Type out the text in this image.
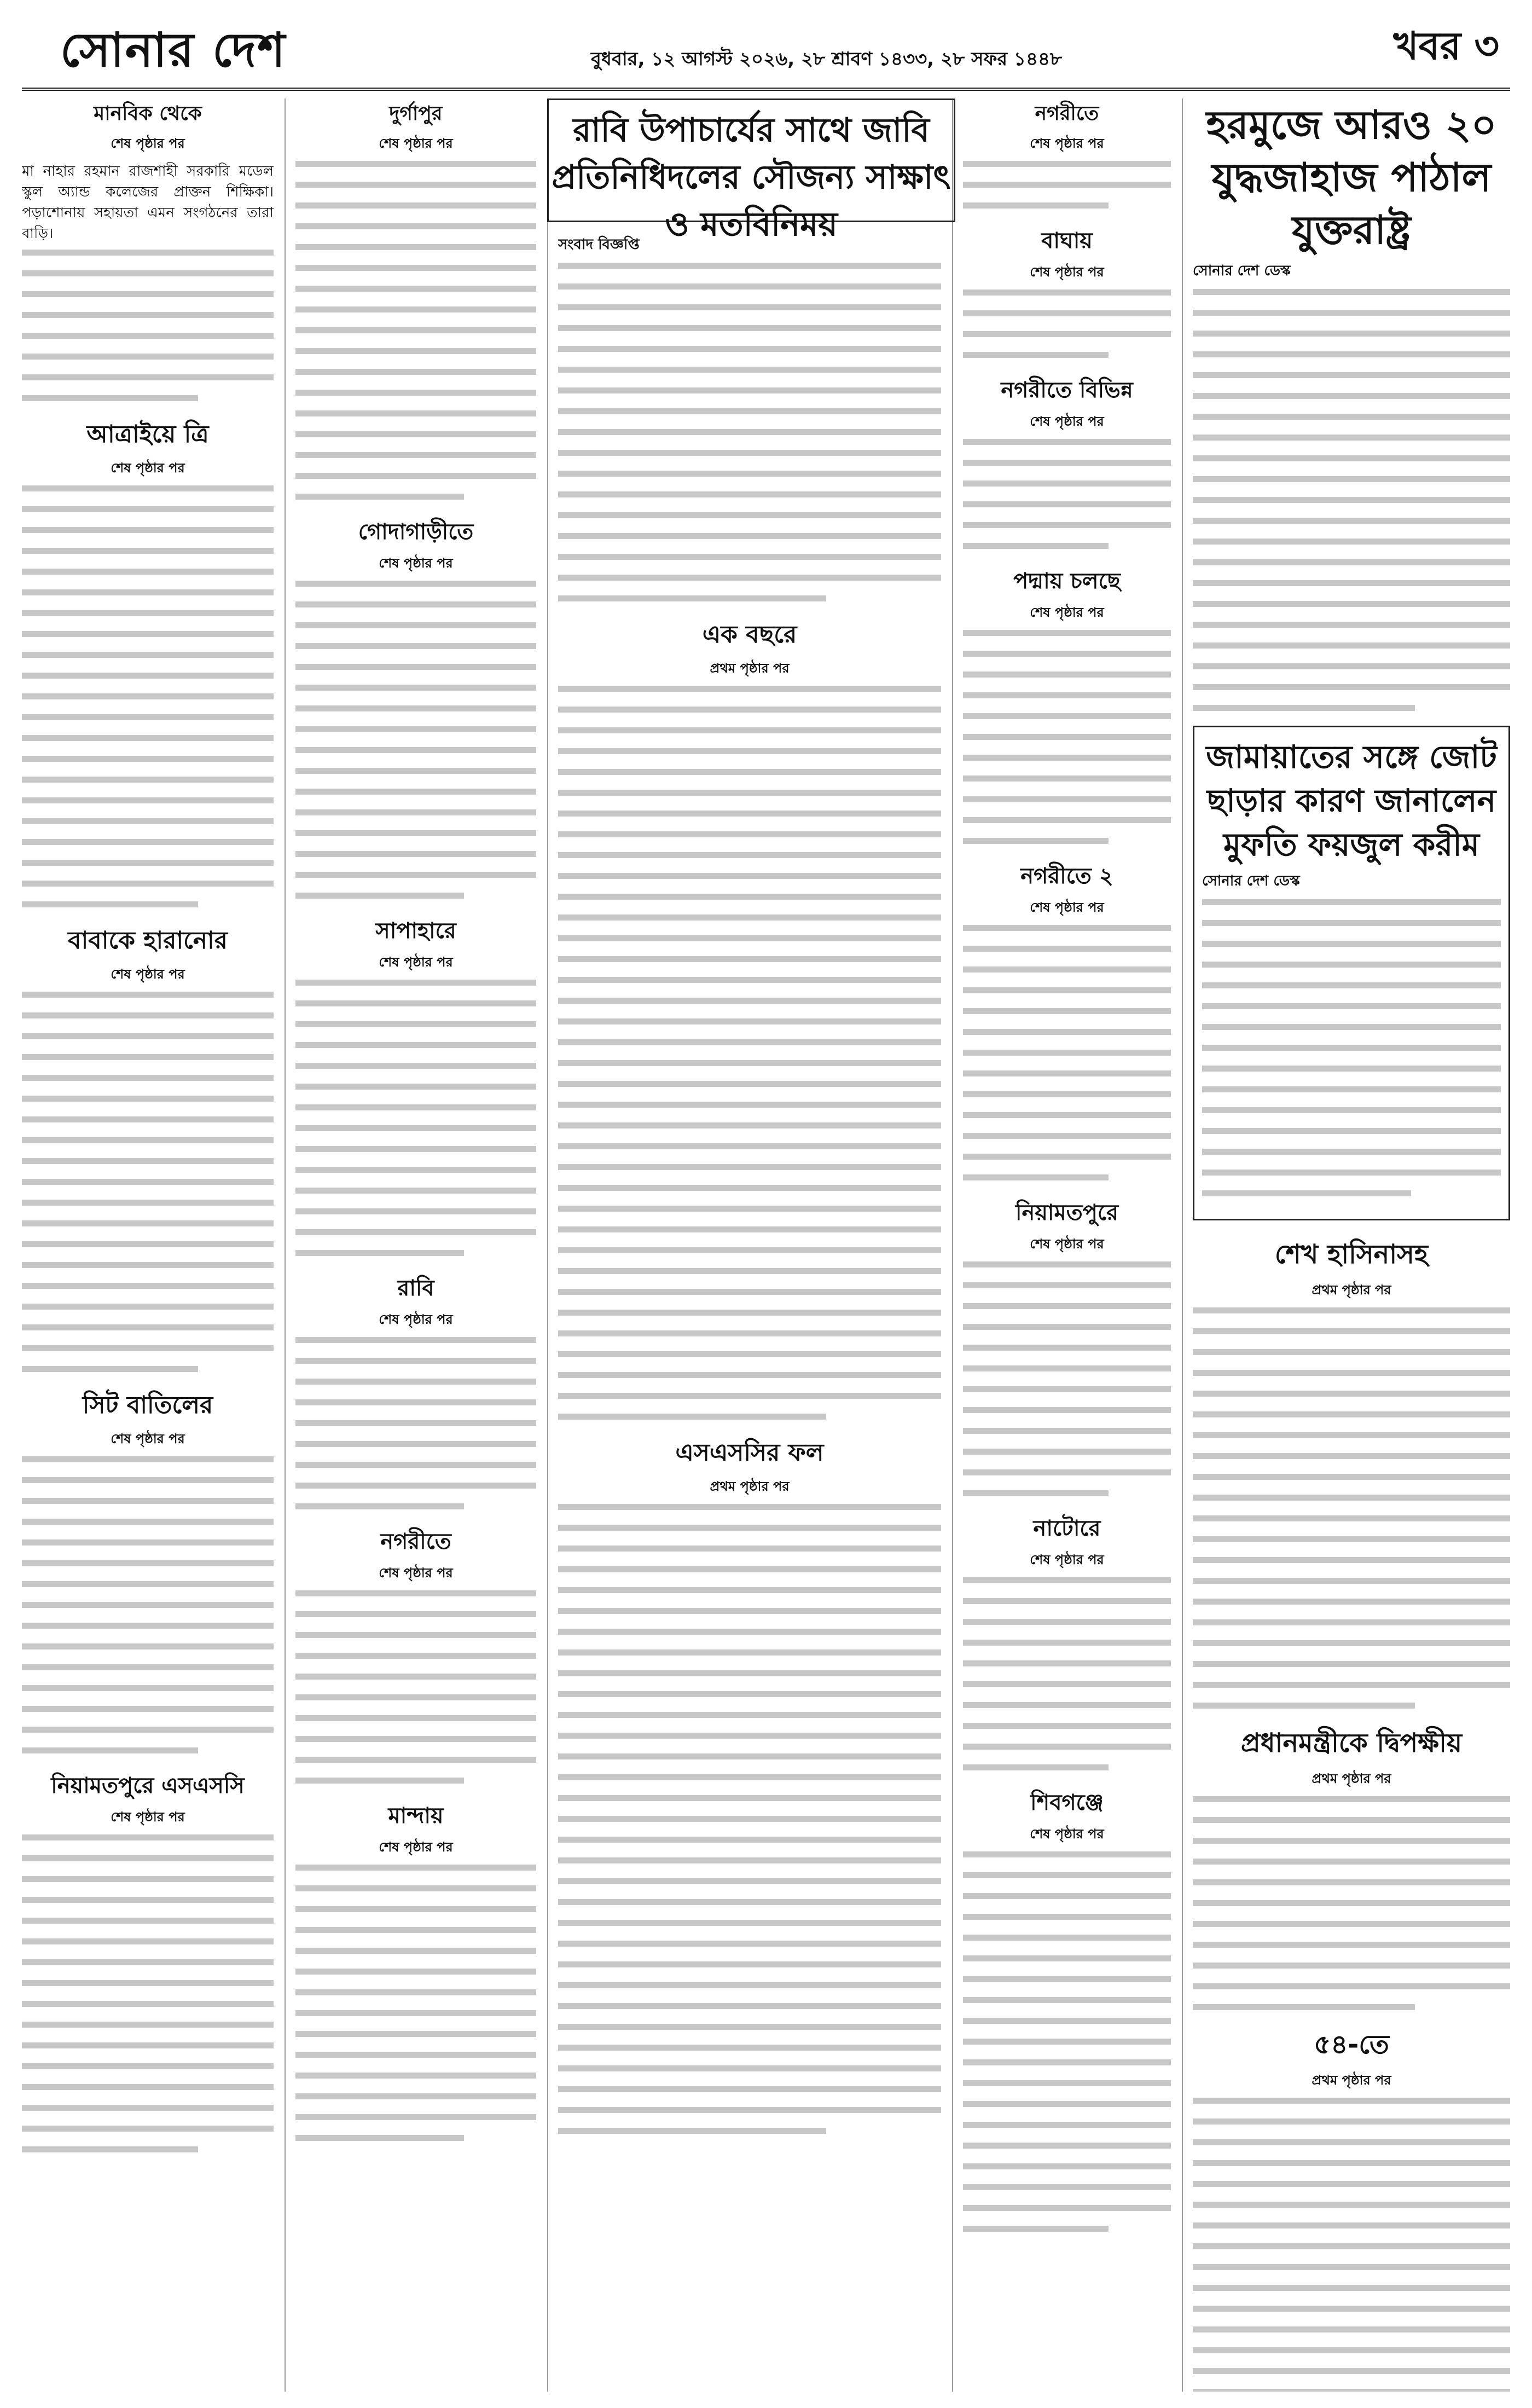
সোনার দেশ	বুধবার, ১২ আগস্ট ২০২৬, ২৮ শ্রাবণ ১৪৩৩, ২৮ সফর ১৪৪৮	খবর ৩
মানবিক থেকে
শেষ পৃষ্ঠার পর
মা নাহার রহমান রাজশাহী সরকারি মডেল স্কুল অ্যান্ড কলেজের প্রাক্তন শিক্ষিকা। পড়াশোনায় সহায়তা এমন সংগঠনের তারা বাড়ি।
আত্রাইয়ে ত্রি
শেষ পৃষ্ঠার পর
বাবাকে হারানোর
শেষ পৃষ্ঠার পর
সিট বাতিলের
শেষ পৃষ্ঠার পর
নিয়ামতপুরে এসএসসি
শেষ পৃষ্ঠার পর
দুর্গাপুর
শেষ পৃষ্ঠার পর
গোদাগাড়ীতে
শেষ পৃষ্ঠার পর
সাপাহারে
শেষ পৃষ্ঠার পর
রাবি
শেষ পৃষ্ঠার পর
নগরীতে
শেষ পৃষ্ঠার পর
মান্দায়
শেষ পৃষ্ঠার পর
রাবি উপাচার্যের সাথে জাবি প্রতিনিধিদলের সৌজন্য সাক্ষাৎ ও মতবিনিময়
সংবাদ বিজ্ঞপ্তি
এক বছরে
প্রথম পৃষ্ঠার পর
এসএসসির ফল
প্রথম পৃষ্ঠার পর
নগরীতে
শেষ পৃষ্ঠার পর
বাঘায়
শেষ পৃষ্ঠার পর
নগরীতে বিভিন্ন
শেষ পৃষ্ঠার পর
পদ্মায় চলছে
শেষ পৃষ্ঠার পর
নগরীতে ২
শেষ পৃষ্ঠার পর
নিয়ামতপুরে
শেষ পৃষ্ঠার পর
নাটোরে
শেষ পৃষ্ঠার পর
শিবগঞ্জে
শেষ পৃষ্ঠার পর
হরমুজে আরও ২০ যুদ্ধজাহাজ পাঠাল যুক্তরাষ্ট্র
সোনার দেশ ডেস্ক
জামায়াতের সঙ্গে জোট ছাড়ার কারণ জানালেন মুফতি ফয়জুল করীম
সোনার দেশ ডেস্ক
শেখ হাসিনাসহ
প্রথম পৃষ্ঠার পর
প্রধানমন্ত্রীকে দ্বিপক্ষীয়
প্রথম পৃষ্ঠার পর
৫৪-তে
প্রথম পৃষ্ঠার পর
